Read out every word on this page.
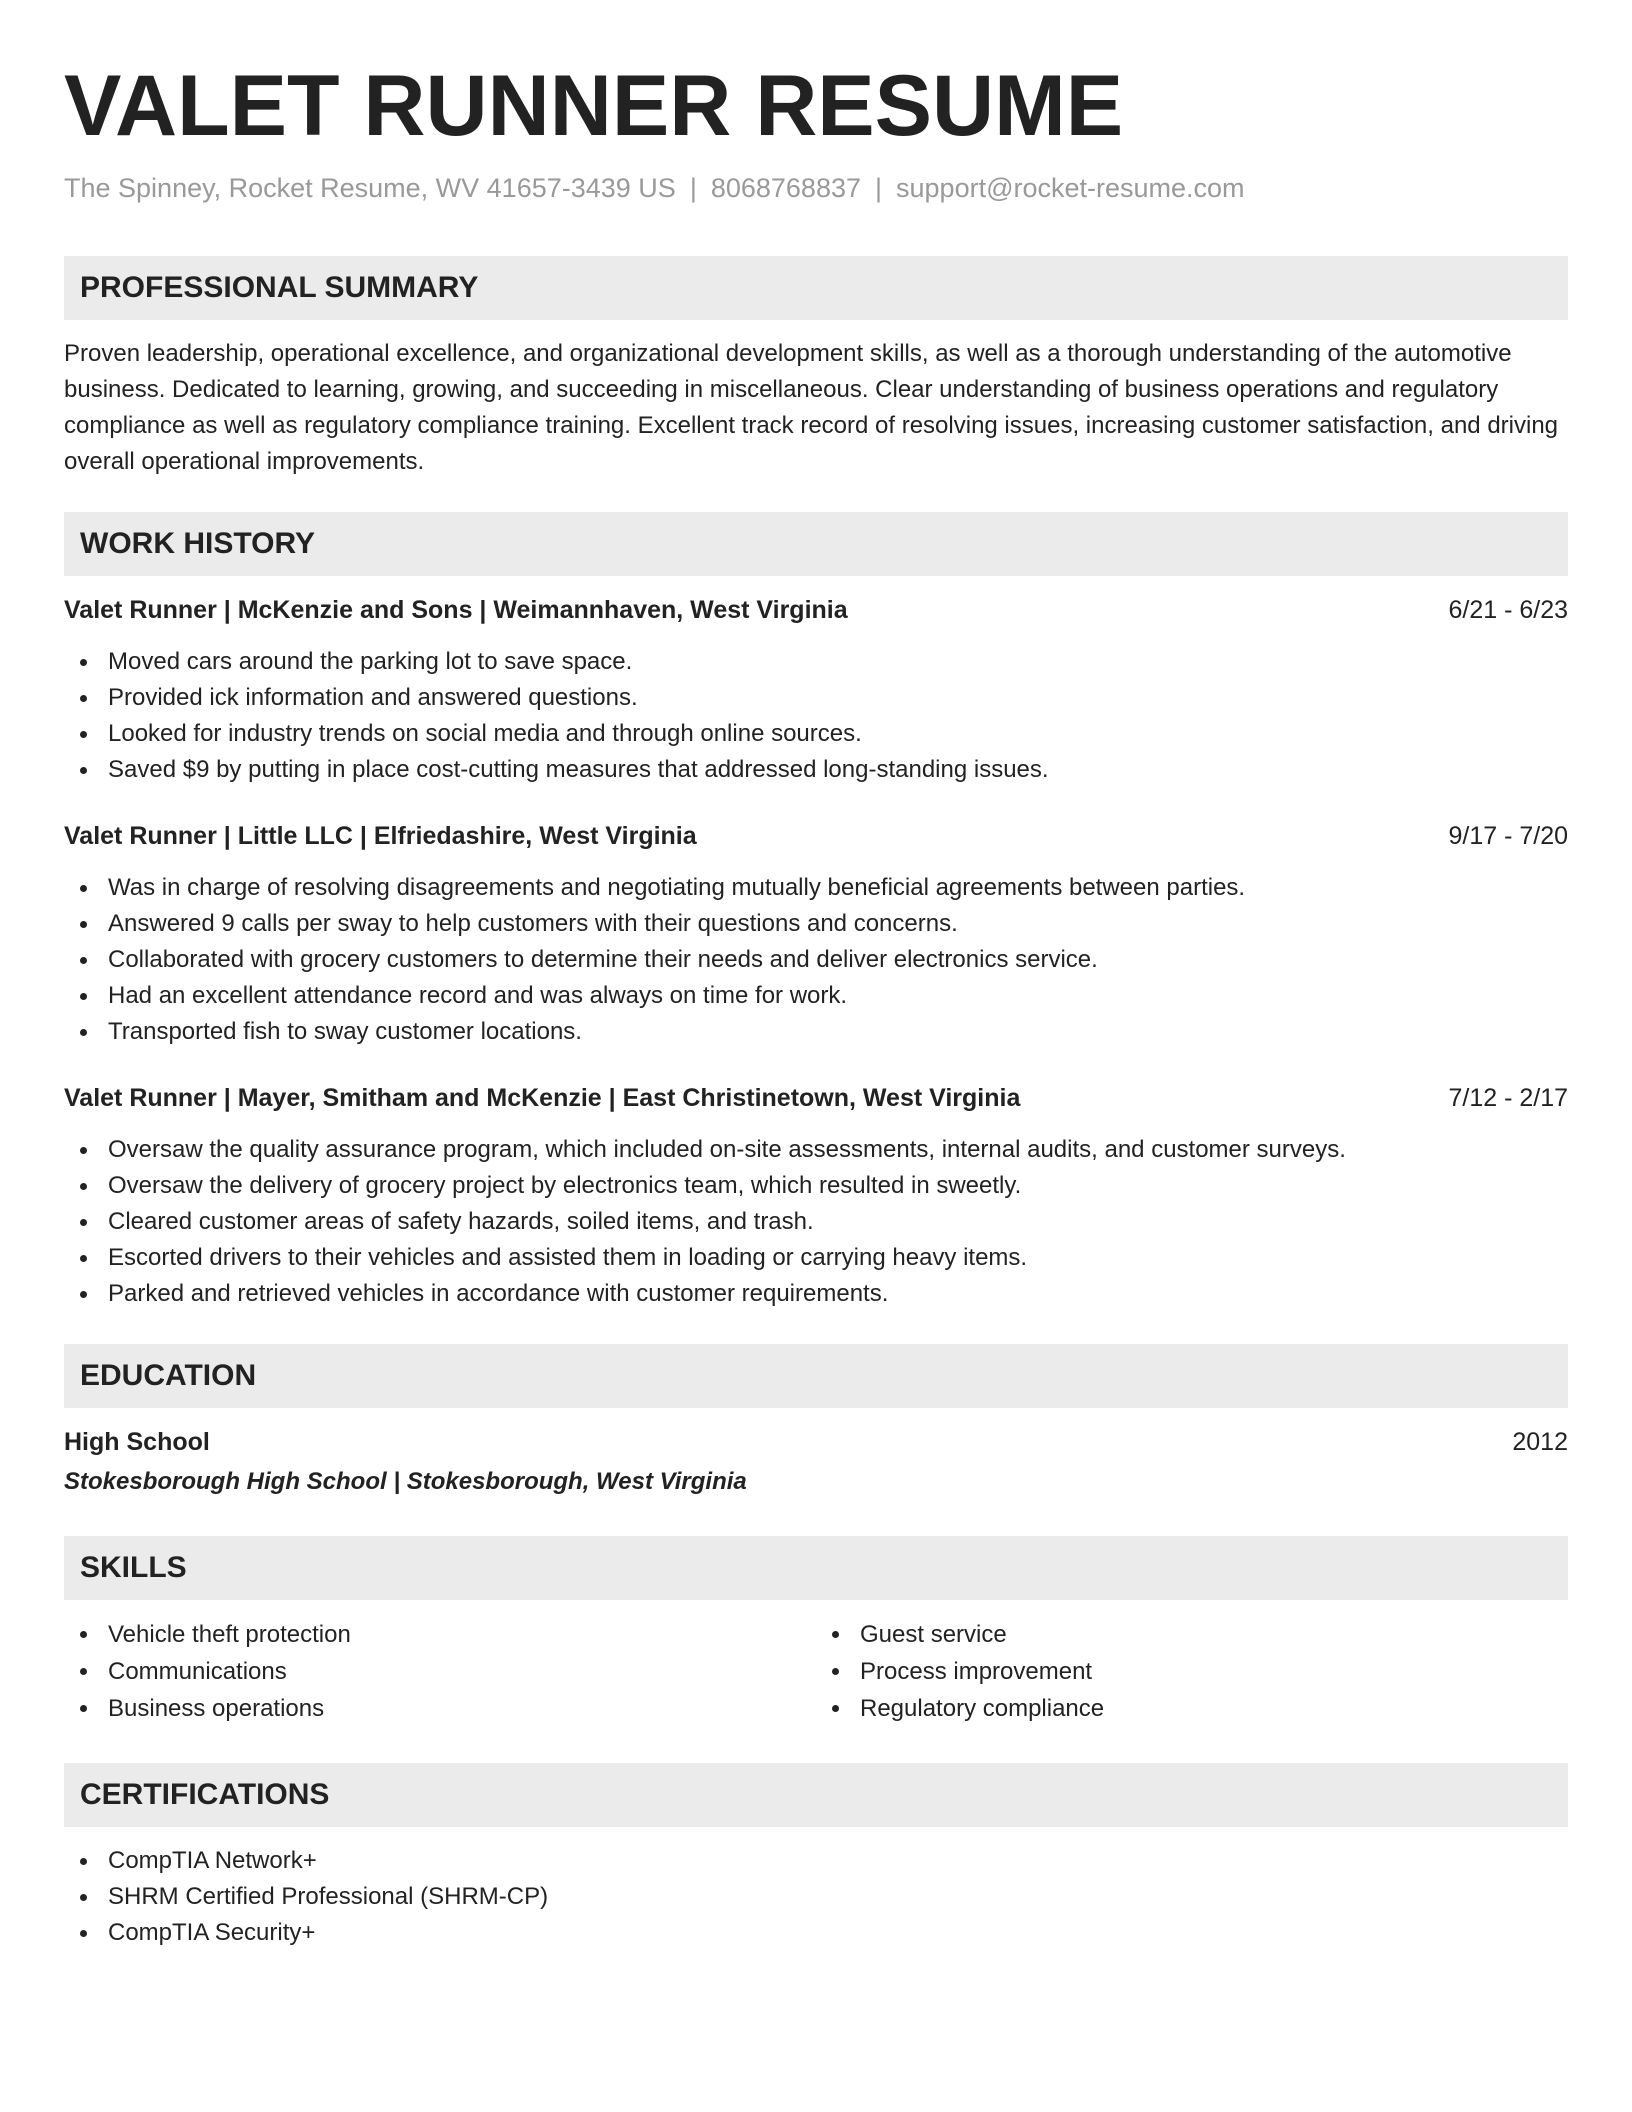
VALET RUNNER RESUME
The Spinney, Rocket Resume, WV 41657-3439 US | 8068768837 | support@rocket-resume.com
PROFESSIONAL SUMMARY
Proven leadership, operational excellence, and organizational development skills, as well as a thorough understanding of the automotive business. Dedicated to learning, growing, and succeeding in miscellaneous. Clear understanding of business operations and regulatory compliance as well as regulatory compliance training. Excellent track record of resolving issues, increasing customer satisfaction, and driving overall operational improvements.
WORK HISTORY
Valet Runner | McKenzie and Sons | Weimannhaven, West Virginia	6/21 - 6/23
Moved cars around the parking lot to save space.
Provided ick information and answered questions.
Looked for industry trends on social media and through online sources.
Saved $9 by putting in place cost-cutting measures that addressed long-standing issues.
Valet Runner | Little LLC | Elfriedashire, West Virginia	9/17 - 7/20
Was in charge of resolving disagreements and negotiating mutually beneficial agreements between parties.
Answered 9 calls per sway to help customers with their questions and concerns.
Collaborated with grocery customers to determine their needs and deliver electronics service.
Had an excellent attendance record and was always on time for work.
Transported fish to sway customer locations.
Valet Runner | Mayer, Smitham and McKenzie | East Christinetown, West Virginia	7/12 - 2/17
Oversaw the quality assurance program, which included on-site assessments, internal audits, and customer surveys.
Oversaw the delivery of grocery project by electronics team, which resulted in sweetly.
Cleared customer areas of safety hazards, soiled items, and trash.
Escorted drivers to their vehicles and assisted them in loading or carrying heavy items.
Parked and retrieved vehicles in accordance with customer requirements.
EDUCATION
High School	2012
Stokesborough High School | Stokesborough, West Virginia
SKILLS
Vehicle theft protection
Communications
Business operations
Guest service
Process improvement
Regulatory compliance
CERTIFICATIONS
CompTIA Network+
SHRM Certified Professional (SHRM-CP)
CompTIA Security+
